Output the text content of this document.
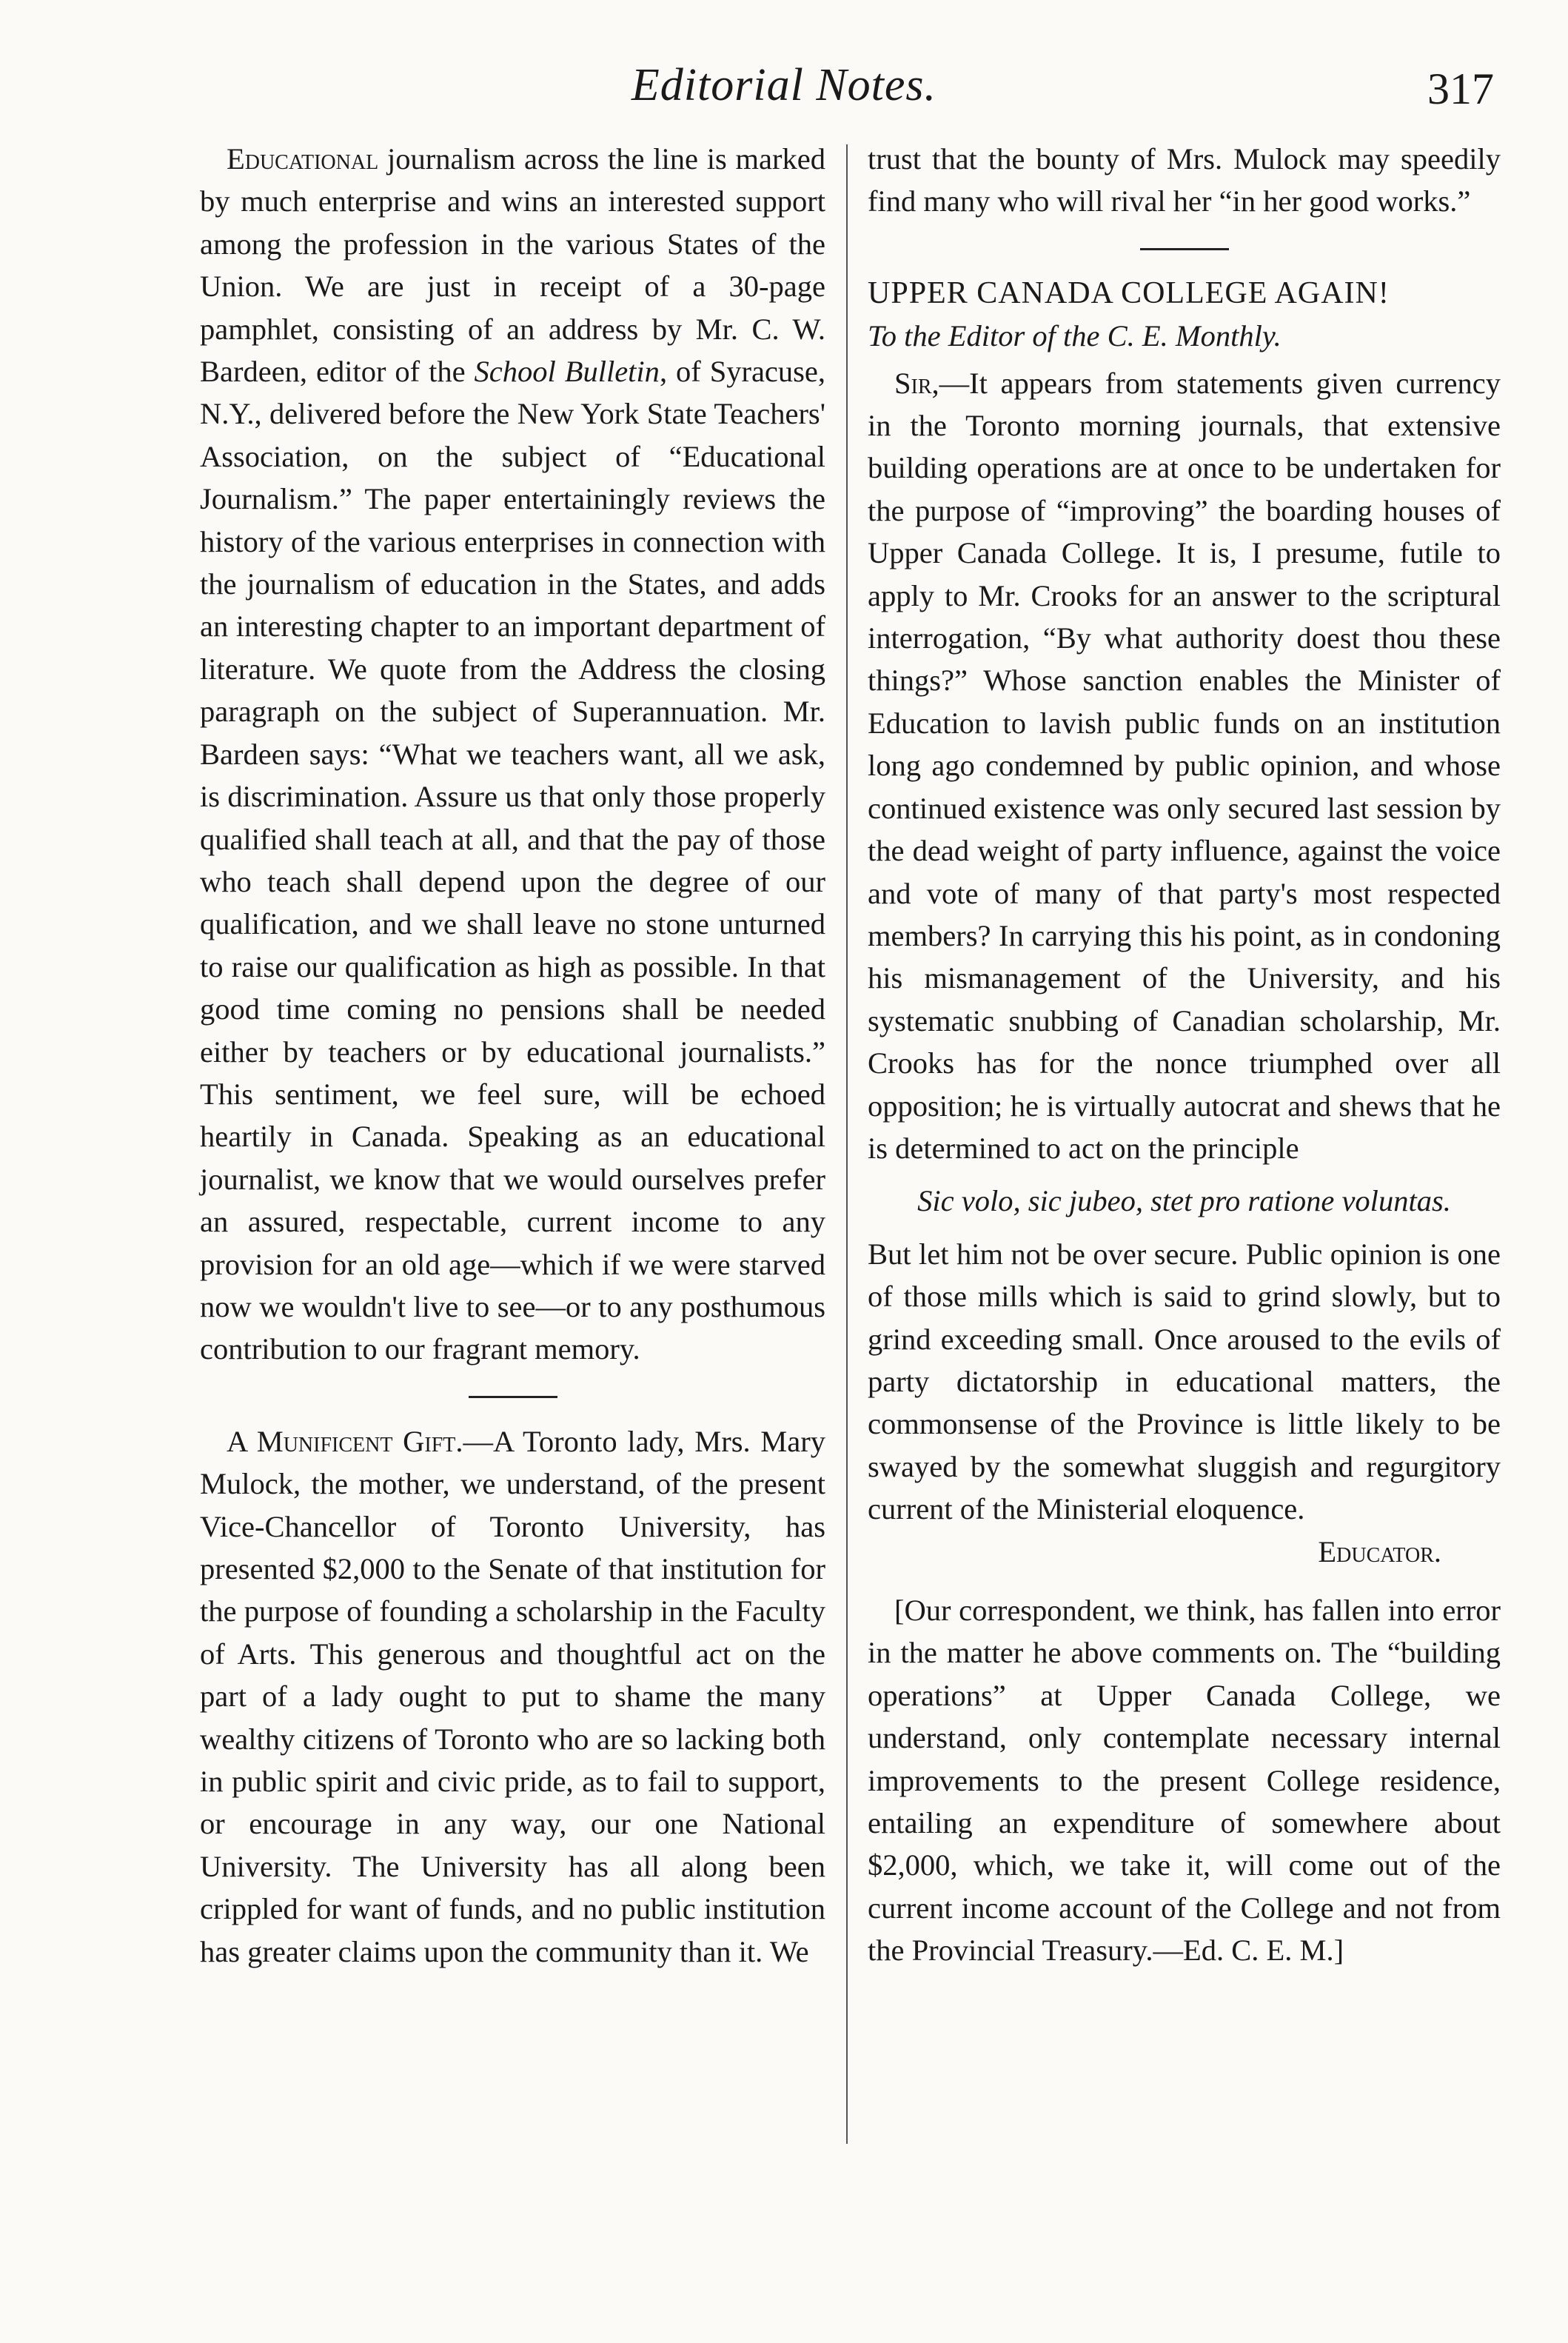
Editorial Notes.	317

Educational journalism across the line is marked by much enterprise and wins an interested support among the profession in the various States of the Union. We are just in receipt of a 30-page pamphlet, consisting of an address by Mr. C. W. Bardeen, editor of the School Bulletin, of Syracuse, N.Y., delivered before the New York State Teachers' Association, on the subject of “Educational Journalism.” The paper entertainingly reviews the history of the various enterprises in connection with the journalism of education in the States, and adds an interesting chapter to an important department of literature. We quote from the Address the closing paragraph on the subject of Superannuation. Mr. Bardeen says: “What we teachers want, all we ask, is discrimination. Assure us that only those properly qualified shall teach at all, and that the pay of those who teach shall depend upon the degree of our qualification, and we shall leave no stone unturned to raise our qualification as high as possible. In that good time coming no pensions shall be needed either by teachers or by educational journalists.” This sentiment, we feel sure, will be echoed heartily in Canada. Speaking as an educational journalist, we know that we would ourselves prefer an assured, respectable, current income to any provision for an old age—which if we were starved now we wouldn't live to see—or to any posthumous contribution to our fragrant memory.

A Munificent Gift.—A Toronto lady, Mrs. Mary Mulock, the mother, we understand, of the present Vice-Chancellor of Toronto University, has presented $2,000 to the Senate of that institution for the purpose of founding a scholarship in the Faculty of Arts. This generous and thoughtful act on the part of a lady ought to put to shame the many wealthy citizens of Toronto who are so lacking both in public spirit and civic pride, as to fail to support, or encourage in any way, our one National University. The University has all along been crippled for want of funds, and no public institution has greater claims upon the community than it. We

trust that the bounty of Mrs. Mulock may speedily find many who will rival her “in her good works.”

UPPER CANADA COLLEGE AGAIN!

To the Editor of the C. E. Monthly.

Sir,—It appears from statements given currency in the Toronto morning journals, that extensive building operations are at once to be undertaken for the purpose of “improving” the boarding houses of Upper Canada College. It is, I presume, futile to apply to Mr. Crooks for an answer to the scriptural interrogation, “By what authority doest thou these things?” Whose sanction enables the Minister of Education to lavish public funds on an institution long ago condemned by public opinion, and whose continued existence was only secured last session by the dead weight of party influence, against the voice and vote of many of that party's most respected members? In carrying this his point, as in condoning his mismanagement of the University, and his systematic snubbing of Canadian scholarship, Mr. Crooks has for the nonce triumphed over all opposition; he is virtually autocrat and shews that he is determined to act on the principle

Sic volo, sic jubeo, stet pro ratione voluntas.

But let him not be over secure. Public opinion is one of those mills which is said to grind slowly, but to grind exceeding small. Once aroused to the evils of party dictatorship in educational matters, the commonsense of the Province is little likely to be swayed by the somewhat sluggish and regurgitory current of the Ministerial eloquence.

Educator.

[Our correspondent, we think, has fallen into error in the matter he above comments on. The “building operations” at Upper Canada College, we understand, only contemplate necessary internal improvements to the present College residence, entailing an expenditure of somewhere about $2,000, which, we take it, will come out of the current income account of the College and not from the Provincial Treasury.—Ed. C. E. M.]
